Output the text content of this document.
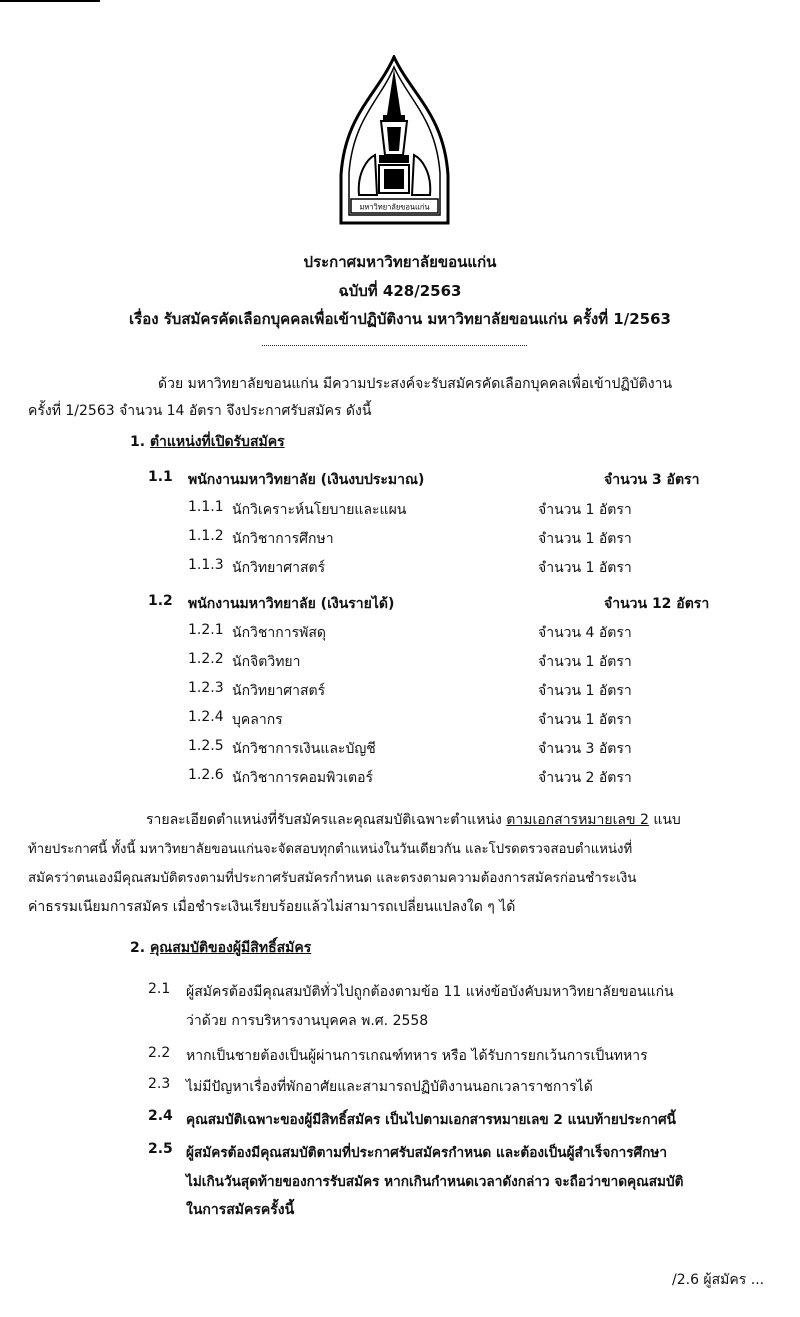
มหาวิทยาลัยขอนแก่น
ประกาศมหาวิทยาลัยขอนแก่น
ฉบับที่ 428/2563
เรื่อง รับสมัครคัดเลือกบุคคลเพื่อเข้าปฏิบัติงาน มหาวิทยาลัยขอนแก่น ครั้งที่ 1/2563
ด้วย มหาวิทยาลัยขอนแก่น มีความประสงค์จะรับสมัครคัดเลือกบุคคลเพื่อเข้าปฏิบัติงาน
ครั้งที่ 1/2563 จำนวน 14 อัตรา จึงประกาศรับสมัคร ดังนี้
1. ตำแหน่งที่เปิดรับสมัคร
1.1 พนักงานมหาวิทยาลัย (เงินงบประมาณ)	จำนวน 3 อัตรา
1.1.1 นักวิเคราะห์นโยบายและแผน	จำนวน 1 อัตรา
1.1.2 นักวิชาการศึกษา	จำนวน 1 อัตรา
1.1.3 นักวิทยาศาสตร์	จำนวน 1 อัตรา
1.2 พนักงานมหาวิทยาลัย (เงินรายได้)	จำนวน 12 อัตรา
1.2.1 นักวิชาการพัสดุ	จำนวน 4 อัตรา
1.2.2 นักจิตวิทยา	จำนวน 1 อัตรา
1.2.3 นักวิทยาศาสตร์	จำนวน 1 อัตรา
1.2.4 บุคลากร	จำนวน 1 อัตรา
1.2.5 นักวิชาการเงินและบัญชี	จำนวน 3 อัตรา
1.2.6 นักวิชาการคอมพิวเตอร์	จำนวน 2 อัตรา
รายละเอียดตำแหน่งที่รับสมัครและคุณสมบัติเฉพาะตำแหน่ง ตามเอกสารหมายเลข 2 แนบ
ท้ายประกาศนี้ ทั้งนี้ มหาวิทยาลัยขอนแก่นจะจัดสอบทุกตำแหน่งในวันเดียวกัน และโปรดตรวจสอบตำแหน่งที่
สมัครว่าตนเองมีคุณสมบัติตรงตามที่ประกาศรับสมัครกำหนด และตรงตามความต้องการสมัครก่อนชำระเงิน
ค่าธรรมเนียมการสมัคร เมื่อชำระเงินเรียบร้อยแล้วไม่สามารถเปลี่ยนแปลงใด ๆ ได้
2. คุณสมบัติของผู้มีสิทธิ์สมัคร
2.1 ผู้สมัครต้องมีคุณสมบัติทั่วไปถูกต้องตามข้อ 11 แห่งข้อบังคับมหาวิทยาลัยขอนแก่น
ว่าด้วย การบริหารงานบุคคล พ.ศ. 2558
2.2 หากเป็นชายต้องเป็นผู้ผ่านการเกณฑ์ทหาร หรือ ได้รับการยกเว้นการเป็นทหาร
2.3 ไม่มีปัญหาเรื่องที่พักอาศัยและสามารถปฏิบัติงานนอกเวลาราชการได้
2.4 คุณสมบัติเฉพาะของผู้มีสิทธิ์สมัคร เป็นไปตามเอกสารหมายเลข 2 แนบท้ายประกาศนี้
2.5 ผู้สมัครต้องมีคุณสมบัติตามที่ประกาศรับสมัครกำหนด และต้องเป็นผู้สำเร็จการศึกษา
ไม่เกินวันสุดท้ายของการรับสมัคร หากเกินกำหนดเวลาดังกล่าว จะถือว่าขาดคุณสมบัติ
ในการสมัครครั้งนี้
/2.6 ผู้สมัคร ...
